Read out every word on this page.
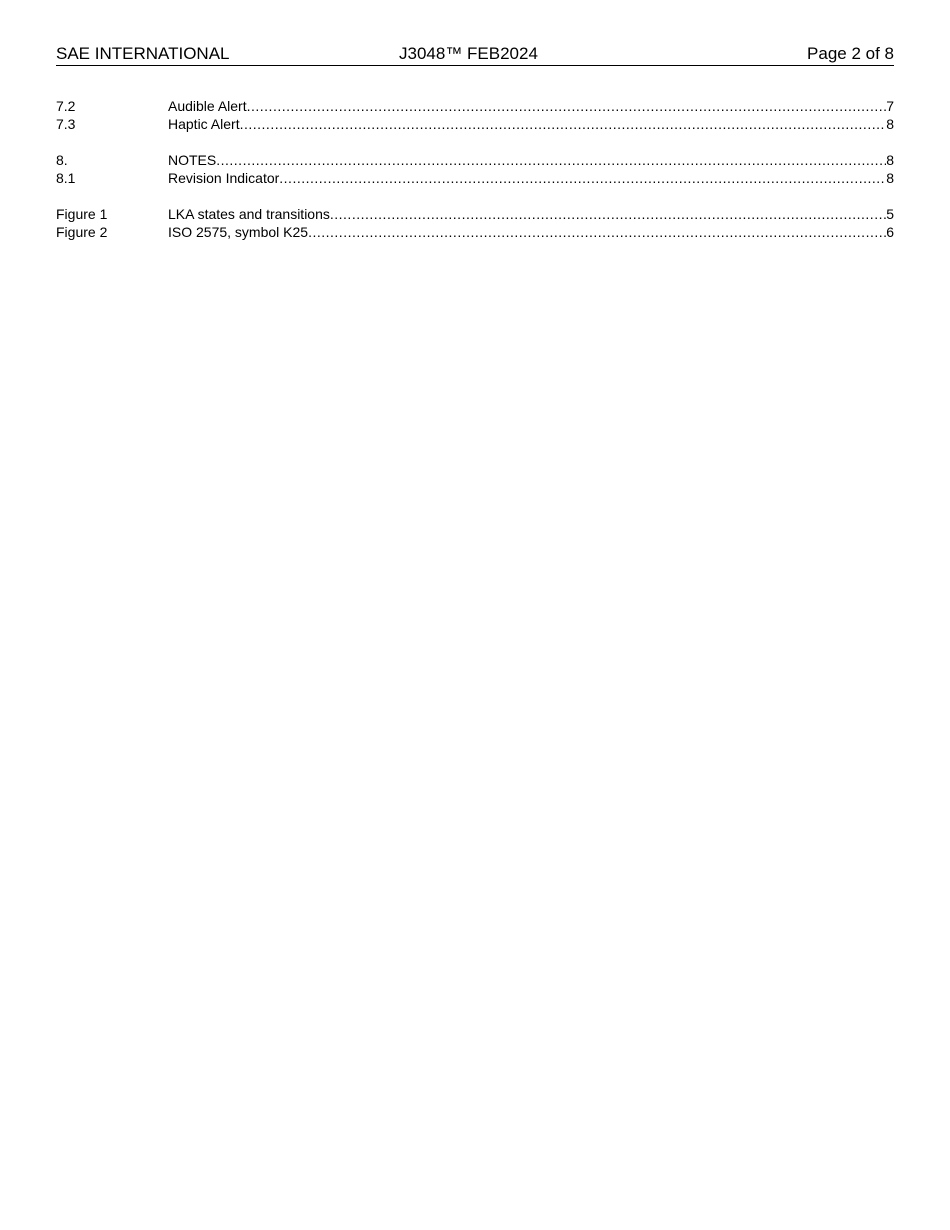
SAE INTERNATIONAL	J3048™ FEB2024	Page 2 of 8
7.2	Audible Alert .....	7
7.3	Haptic Alert .....	8
8.	NOTES .....	8
8.1	Revision Indicator .....	8
Figure 1	LKA states and transitions .....	5
Figure 2	ISO 2575, symbol K25 .....	6
